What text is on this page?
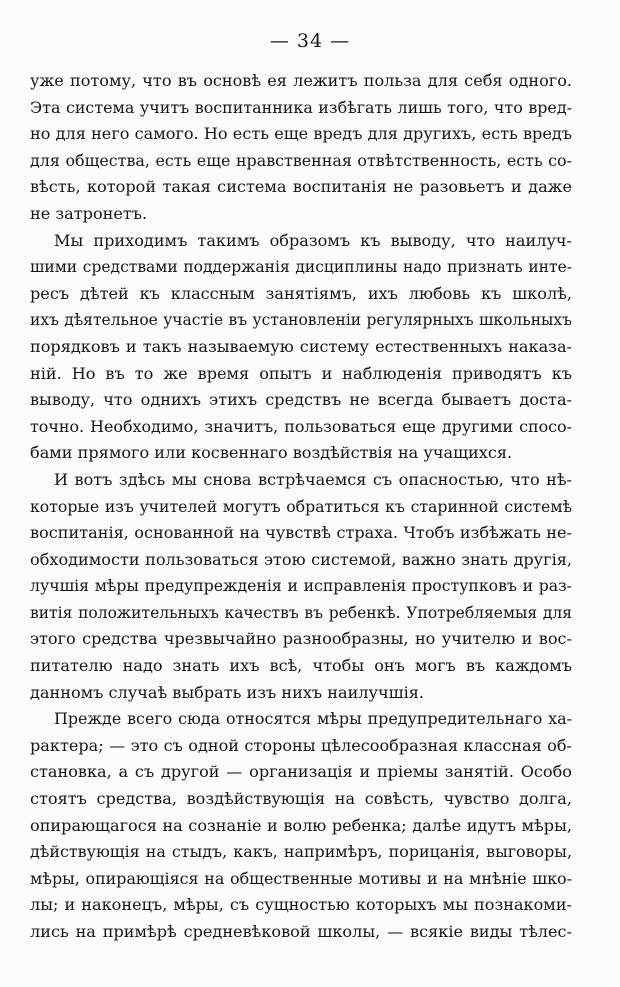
— 34 —
уже потому, что въ основѣ ея лежитъ польза для себя одного.
Эта система учитъ воспитанника избѣгать лишь того, что вред-
но для него самого. Но есть еще вредъ для другихъ, есть вредъ
для общества, есть еще нравственная отвѣтственность, есть со-
вѣсть, которой такая система воспитанія не разовьетъ и даже
не затронетъ.
Мы приходимъ такимъ образомъ къ выводу, что наилуч-
шими средствами поддержанія дисциплины надо признать инте-
ресъ дѣтей къ классным занятіямъ, ихъ любовь къ школѣ,
ихъ дѣятельное участіе въ установленіи регулярныхъ школьныхъ
порядковъ и такъ называемую систему естественныхъ наказа-
ній. Но въ то же время опытъ и наблюденія приводятъ къ
выводу, что однихъ этихъ средствъ не всегда бываетъ доста-
точно. Необходимо, значитъ, пользоваться еще другими спосо-
бами прямого или косвеннаго воздѣйствія на учащихся.
И вотъ здѣсь мы снова встрѣчаемся съ опасностью, что нѣ-
которые изъ учителей могутъ обратиться къ старинной системѣ
воспитанія, основанной на чувствѣ страха. Чтобъ избѣжать не-
обходимости пользоваться этою системой, важно знать другія,
лучшія мѣры предупрежденія и исправленія проступковъ и раз-
витія положительныхъ качествъ въ ребенкѣ. Употребляемыя для
этого средства чрезвычайно разнообразны, но учителю и вос-
питателю надо знать ихъ всѣ, чтобы онъ могъ въ каждомъ
данномъ случаѣ выбрать изъ нихъ наилучшія.
Прежде всего сюда относятся мѣры предупредительнаго ха-
рактера; — это съ одной стороны цѣлесообразная классная об-
становка, а съ другой — организація и пріемы занятій. Особо
стоятъ средства, воздѣйствующія на совѣсть, чувство долга,
опирающагося на сознаніе и волю ребенка; далѣе идутъ мѣры,
дѣйствующія на стыдъ, какъ, напримѣръ, порицанія, выговоры,
мѣры, опирающіяся на общественные мотивы и на мнѣніе шко-
лы; и наконецъ, мѣры, съ сущностью которыхъ мы познакоми-
лись на примѣрѣ средневѣковой школы, — всякіе виды тѣлес-
